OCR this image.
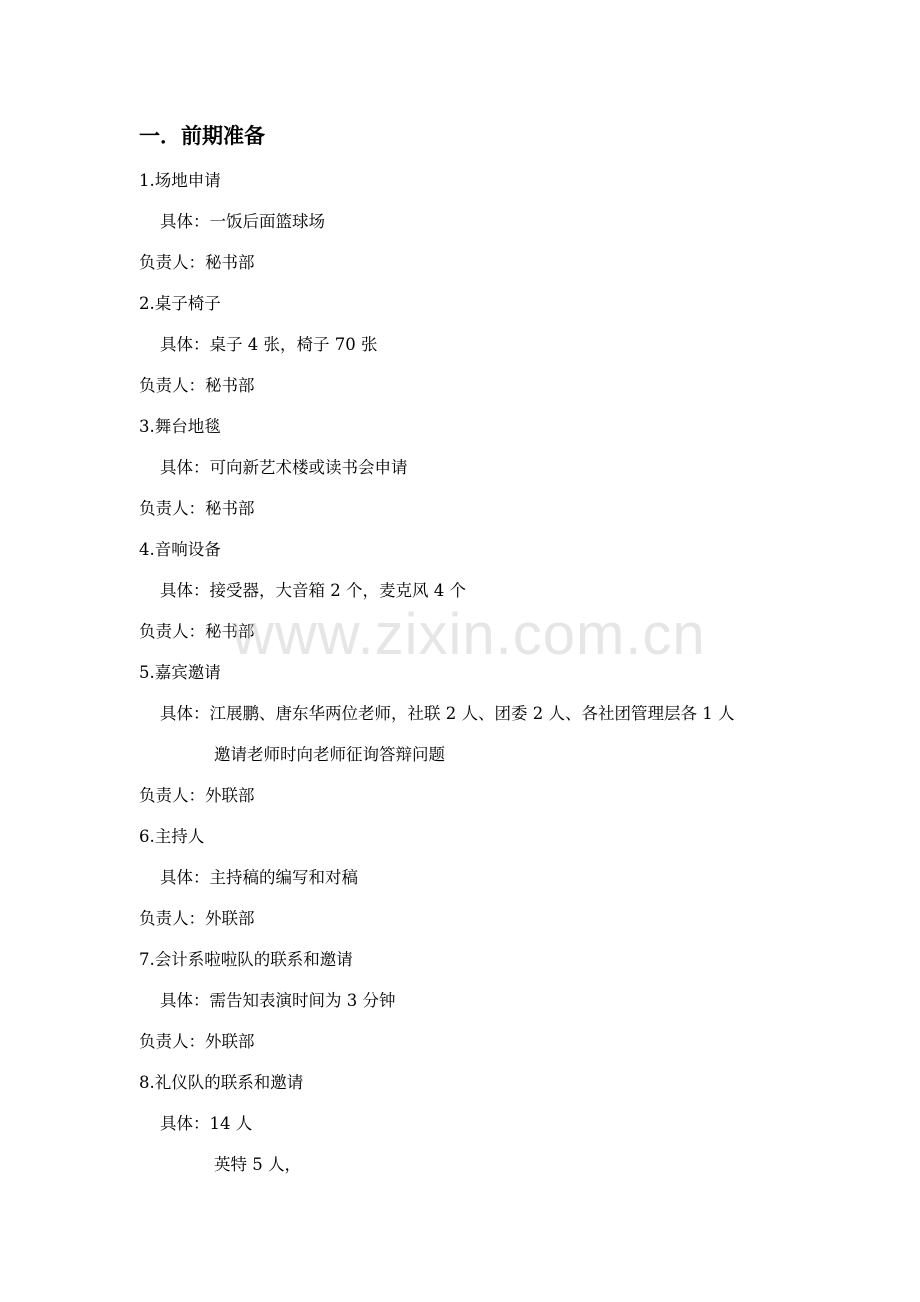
一．前期准备
1.场地申请
具体：一饭后面篮球场
负责人：秘书部
2.桌子椅子
具体：桌子 4 张，椅子 70 张
负责人：秘书部
3.舞台地毯
具体：可向新艺术楼或读书会申请
负责人：秘书部
4.音响设备
具体：接受器，大音箱 2 个，麦克风 4 个
负责人：秘书部
5.嘉宾邀请
具体：江展鹏、唐东华两位老师，社联 2 人、团委 2 人、各社团管理层各 1 人
邀请老师时向老师征询答辩问题
负责人：外联部
6.主持人
具体：主持稿的编写和对稿
负责人：外联部
7.会计系啦啦队的联系和邀请
具体：需告知表演时间为 3 分钟
负责人：外联部
8.礼仪队的联系和邀请
具体：14 人
英特 5 人，
www.zixin.com.cn
